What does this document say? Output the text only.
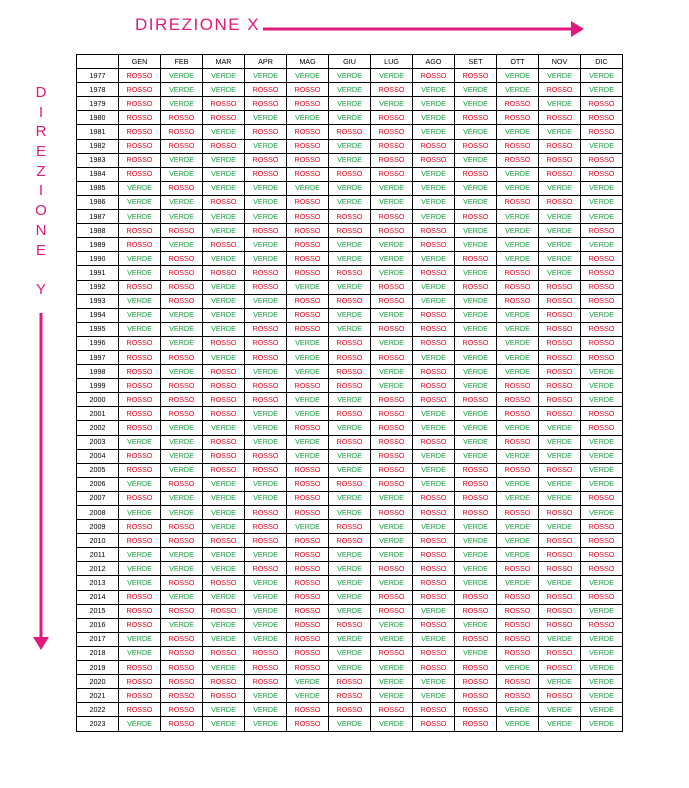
DIREZIONE X
D
I
R
E
Z
I
O
N
E

Y
	GEN	FEB	MAR	APR	MAG	GIU	LUG	AGO	SET	OTT	NOV	DIC
1977	ROSSO	VERDE	VERDE	VERDE	VERDE	VERDE	VERDE	ROSSO	ROSSO	VERDE	VERDE	VERDE
1978	ROSSO	VERDE	VERDE	ROSSO	ROSSO	VERDE	ROSSO	VERDE	VERDE	VERDE	ROSSO	VERDE
1979	ROSSO	VERDE	ROSSO	ROSSO	ROSSO	VERDE	VERDE	VERDE	VERDE	ROSSO	VERDE	ROSSO
1980	ROSSO	ROSSO	ROSSO	VERDE	VERDE	VERDE	ROSSO	VERDE	ROSSO	ROSSO	ROSSO	ROSSO
1981	ROSSO	ROSSO	VERDE	ROSSO	ROSSO	ROSSO	ROSSO	VERDE	VERDE	VERDE	VERDE	ROSSO
1982	ROSSO	ROSSO	ROSSO	VERDE	ROSSO	VERDE	ROSSO	ROSSO	ROSSO	ROSSO	ROSSO	VERDE
1983	ROSSO	VERDE	VERDE	ROSSO	ROSSO	VERDE	ROSSO	ROSSO	VERDE	ROSSO	ROSSO	ROSSO
1984	ROSSO	VERDE	VERDE	ROSSO	ROSSO	ROSSO	ROSSO	VERDE	ROSSO	VERDE	ROSSO	ROSSO
1985	VERDE	ROSSO	VERDE	VERDE	VERDE	VERDE	VERDE	VERDE	VERDE	VERDE	VERDE	VERDE
1986	VERDE	VERDE	ROSSO	VERDE	ROSSO	VERDE	VERDE	VERDE	VERDE	ROSSO	ROSSO	VERDE
1987	VERDE	VERDE	VERDE	VERDE	ROSSO	ROSSO	ROSSO	VERDE	ROSSO	VERDE	VERDE	VERDE
1988	ROSSO	ROSSO	VERDE	ROSSO	ROSSO	ROSSO	ROSSO	ROSSO	VERDE	VERDE	VERDE	ROSSO
1989	ROSSO	VERDE	ROSSO	VERDE	ROSSO	VERDE	VERDE	ROSSO	VERDE	VERDE	VERDE	VERDE
1990	VERDE	ROSSO	VERDE	VERDE	ROSSO	VERDE	VERDE	VERDE	ROSSO	VERDE	VERDE	ROSSO
1991	VERDE	ROSSO	ROSSO	ROSSO	ROSSO	ROSSO	VERDE	ROSSO	VERDE	ROSSO	VERDE	ROSSO
1992	ROSSO	ROSSO	VERDE	ROSSO	VERDE	VERDE	ROSSO	VERDE	ROSSO	ROSSO	ROSSO	ROSSO
1993	VERDE	ROSSO	VERDE	VERDE	ROSSO	ROSSO	ROSSO	VERDE	VERDE	ROSSO	ROSSO	ROSSO
1994	VERDE	VERDE	VERDE	VERDE	ROSSO	VERDE	VERDE	ROSSO	VERDE	VERDE	ROSSO	VERDE
1995	VERDE	VERDE	VERDE	ROSSO	ROSSO	VERDE	ROSSO	ROSSO	VERDE	VERDE	ROSSO	ROSSO
1996	ROSSO	VERDE	ROSSO	ROSSO	VERDE	ROSSO	VERDE	ROSSO	ROSSO	VERDE	ROSSO	ROSSO
1997	ROSSO	ROSSO	VERDE	ROSSO	VERDE	ROSSO	ROSSO	VERDE	VERDE	VERDE	ROSSO	ROSSO
1998	ROSSO	VERDE	ROSSO	VERDE	VERDE	ROSSO	VERDE	ROSSO	VERDE	VERDE	ROSSO	VERDE
1999	ROSSO	ROSSO	ROSSO	ROSSO	ROSSO	ROSSO	VERDE	ROSSO	VERDE	ROSSO	ROSSO	VERDE
2000	ROSSO	ROSSO	ROSSO	ROSSO	VERDE	VERDE	ROSSO	ROSSO	ROSSO	ROSSO	ROSSO	VERDE
2001	ROSSO	ROSSO	ROSSO	VERDE	VERDE	ROSSO	ROSSO	VERDE	VERDE	ROSSO	ROSSO	ROSSO
2002	ROSSO	VERDE	VERDE	VERDE	ROSSO	VERDE	ROSSO	VERDE	VERDE	VERDE	VERDE	ROSSO
2003	VERDE	VERDE	ROSSO	VERDE	VERDE	ROSSO	ROSSO	ROSSO	VERDE	ROSSO	VERDE	VERDE
2004	ROSSO	VERDE	ROSSO	ROSSO	VERDE	VERDE	ROSSO	VERDE	VERDE	VERDE	VERDE	VERDE
2005	ROSSO	VERDE	ROSSO	ROSSO	ROSSO	VERDE	ROSSO	VERDE	ROSSO	ROSSO	ROSSO	VERDE
2006	VERDE	ROSSO	VERDE	VERDE	ROSSO	ROSSO	ROSSO	VERDE	ROSSO	VERDE	VERDE	VERDE
2007	ROSSO	VERDE	VERDE	VERDE	ROSSO	VERDE	VERDE	ROSSO	ROSSO	VERDE	VERDE	ROSSO
2008	VERDE	VERDE	VERDE	ROSSO	ROSSO	VERDE	ROSSO	ROSSO	ROSSO	ROSSO	ROSSO	VERDE
2009	ROSSO	ROSSO	VERDE	ROSSO	VERDE	ROSSO	VERDE	VERDE	VERDE	VERDE	VERDE	ROSSO
2010	ROSSO	ROSSO	ROSSO	ROSSO	ROSSO	ROSSO	VERDE	ROSSO	VERDE	VERDE	ROSSO	ROSSO
2011	VERDE	VERDE	VERDE	VERDE	ROSSO	VERDE	VERDE	ROSSO	VERDE	VERDE	ROSSO	ROSSO
2012	VERDE	VERDE	VERDE	ROSSO	ROSSO	VERDE	ROSSO	ROSSO	VERDE	ROSSO	ROSSO	ROSSO
2013	VERDE	ROSSO	ROSSO	VERDE	ROSSO	VERDE	VERDE	ROSSO	VERDE	VERDE	VERDE	VERDE
2014	ROSSO	VERDE	VERDE	VERDE	ROSSO	VERDE	ROSSO	ROSSO	ROSSO	ROSSO	ROSSO	ROSSO
2015	ROSSO	ROSSO	ROSSO	VERDE	ROSSO	VERDE	ROSSO	VERDE	ROSSO	ROSSO	ROSSO	VERDE
2016	ROSSO	VERDE	VERDE	VERDE	ROSSO	ROSSO	VERDE	ROSSO	VERDE	ROSSO	ROSSO	ROSSO
2017	VERDE	ROSSO	VERDE	VERDE	ROSSO	VERDE	VERDE	VERDE	ROSSO	ROSSO	VERDE	VERDE
2018	VERDE	ROSSO	ROSSO	ROSSO	ROSSO	VERDE	ROSSO	ROSSO	VERDE	ROSSO	ROSSO	VERDE
2019	ROSSO	ROSSO	VERDE	ROSSO	ROSSO	VERDE	VERDE	ROSSO	ROSSO	VERDE	ROSSO	VERDE
2020	ROSSO	ROSSO	ROSSO	ROSSO	VERDE	ROSSO	VERDE	VERDE	ROSSO	ROSSO	VERDE	VERDE
2021	ROSSO	ROSSO	ROSSO	VERDE	VERDE	ROSSO	VERDE	VERDE	ROSSO	ROSSO	ROSSO	VERDE
2022	ROSSO	ROSSO	VERDE	VERDE	ROSSO	ROSSO	ROSSO	ROSSO	ROSSO	VERDE	VERDE	VERDE
2023	VERDE	ROSSO	VERDE	VERDE	ROSSO	VERDE	VERDE	ROSSO	ROSSO	VERDE	VERDE	VERDE
